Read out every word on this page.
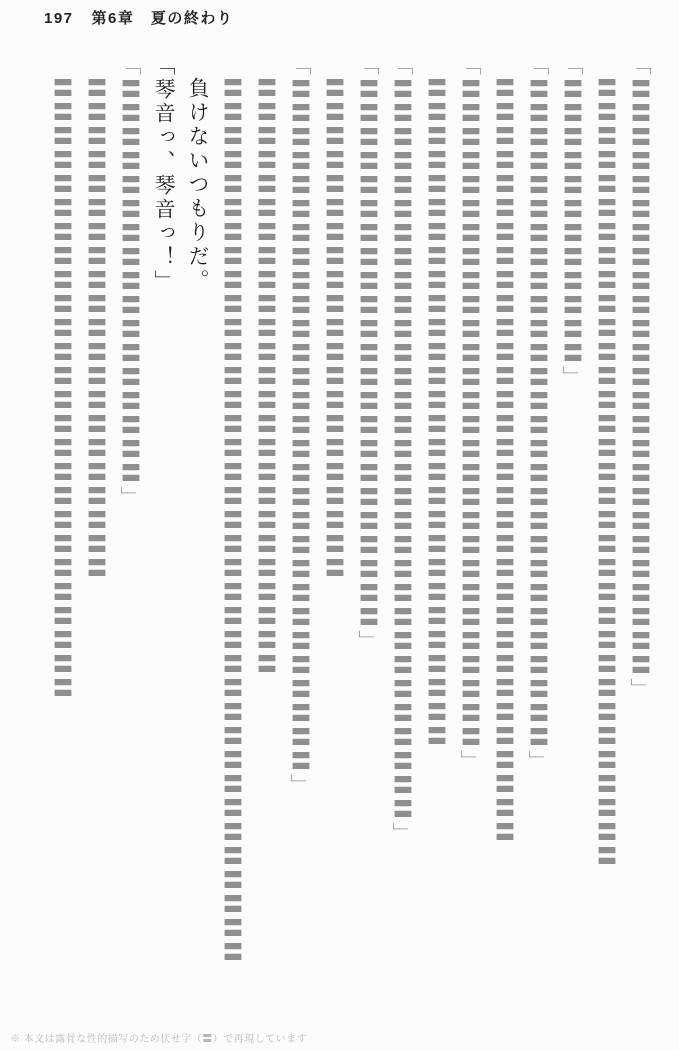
197 第6章　夏の終わり
「〓〓〓〓〓〓〓〓〓〓〓〓〓〓〓〓〓〓〓〓〓〓〓〓〓」
〓〓〓〓〓〓〓〓〓〓〓〓〓〓〓〓〓〓〓〓〓〓〓〓〓〓〓〓〓〓〓〓〓
「〓〓〓〓〓〓〓〓〓〓〓〓」
「〓〓〓〓〓〓〓〓〓〓〓〓〓〓〓〓〓〓〓〓〓〓〓〓〓〓〓〓」
〓〓〓〓〓〓〓〓〓〓〓〓〓〓〓〓〓〓〓〓〓〓〓〓〓〓〓〓〓〓〓〓
「〓〓〓〓〓〓〓〓〓〓〓〓〓〓〓〓〓〓〓〓〓〓〓〓〓〓〓〓」
〓〓〓〓〓〓〓〓〓〓〓〓〓〓〓〓〓〓〓〓〓〓〓〓〓〓〓〓
「〓〓〓〓〓〓〓〓〓〓〓〓〓〓〓〓〓〓〓〓〓〓〓〓〓〓〓〓〓〓〓」
「〓〓〓〓〓〓〓〓〓〓〓〓〓〓〓〓〓〓〓〓〓〓〓」
〓〓〓〓〓〓〓〓〓〓〓〓〓〓〓〓〓〓〓〓〓
「〓〓〓〓〓〓〓〓〓〓〓〓〓〓〓〓〓〓〓〓〓〓〓〓〓〓〓〓〓」
〓〓〓〓〓〓〓〓〓〓〓〓〓〓〓〓〓〓〓〓〓〓〓〓〓
〓〓〓〓〓〓〓〓〓〓〓〓〓〓〓〓〓〓〓〓〓〓〓〓〓〓〓〓〓〓〓〓〓〓〓〓〓
負けないつもりだ。
「琴音っ、琴音っ！」
「〓〓〓〓〓〓〓〓〓〓〓〓〓〓〓〓〓」
〓〓〓〓〓〓〓〓〓〓〓〓〓〓〓〓〓〓〓〓〓
〓〓〓〓〓〓〓〓〓〓〓〓〓〓〓〓〓〓〓〓〓〓〓〓〓〓
※ 本文は露骨な性的描写のため伏せ字（〓）で再現しています
